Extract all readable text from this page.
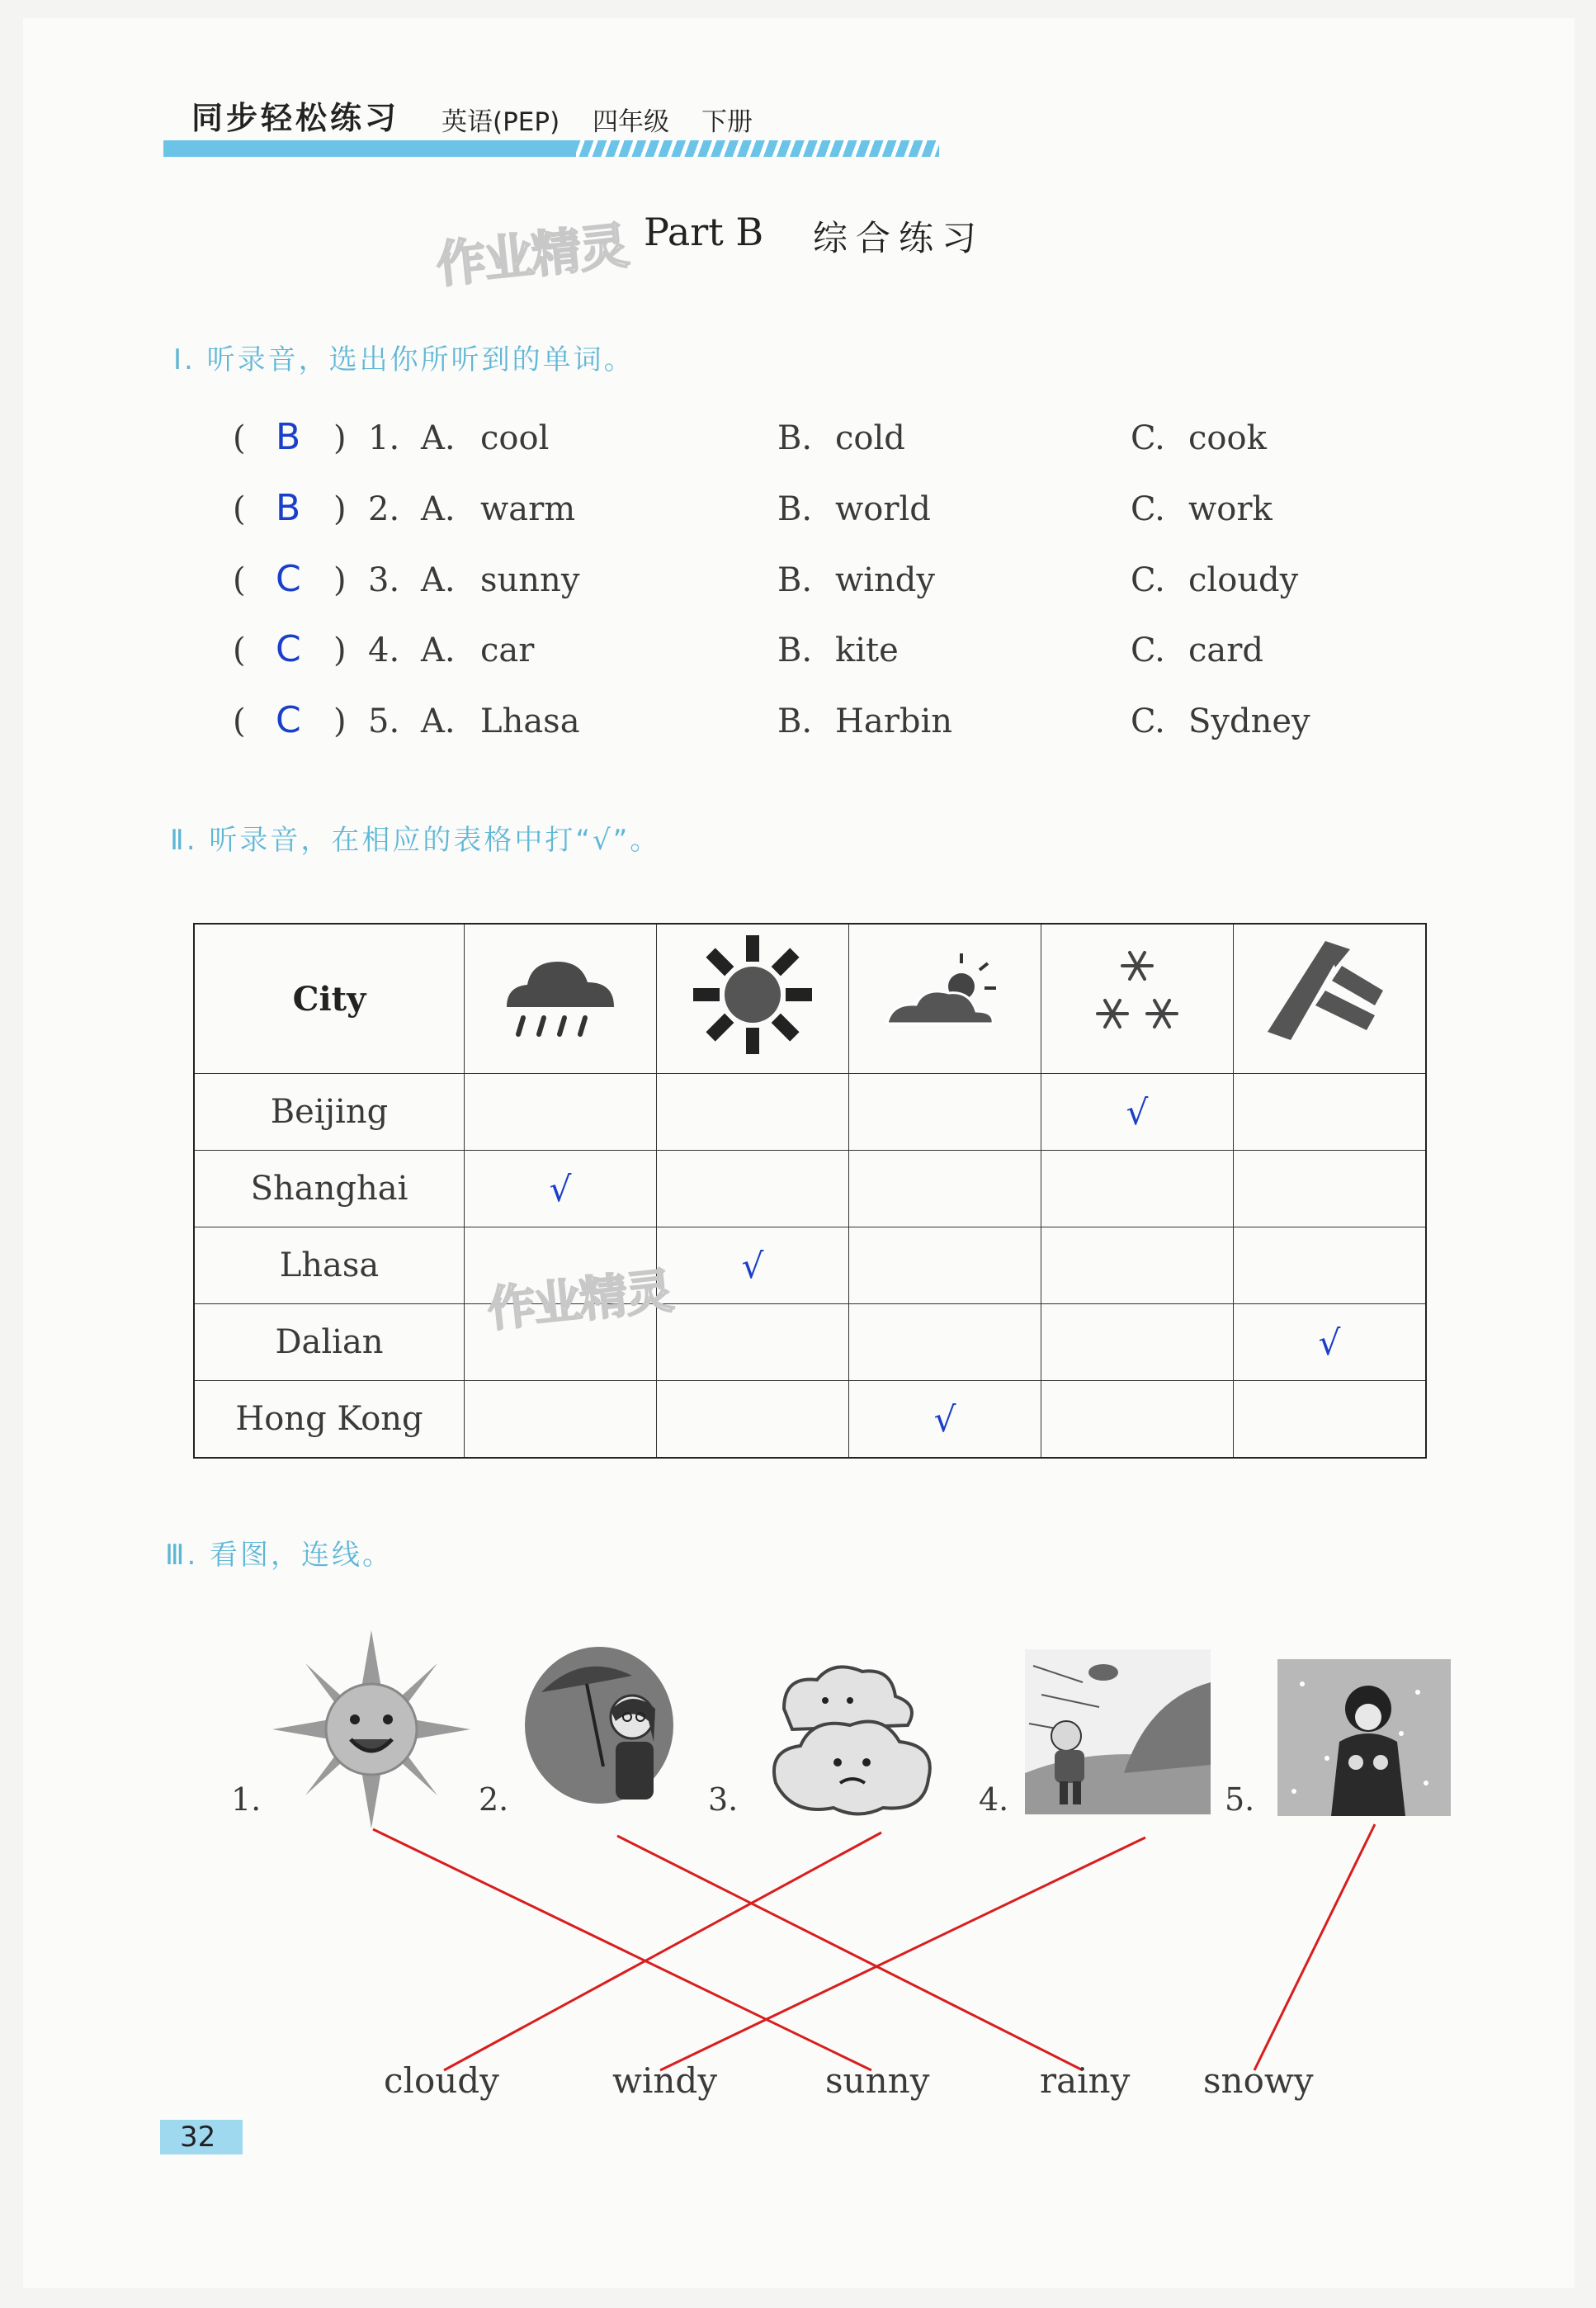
同步轻松练习 英语(PEP) 四年级 下册
作业精灵 Part B 综合练习
Ⅰ. 听录音，选出你所听到的单词。
( B ) 1. A. cool	B. cold	C. cook
( B ) 2. A. warm	B. world	C. work
( C ) 3. A. sunny	B. windy	C. cloudy
( C ) 4. A. car	B. kite	C. card
( C ) 5. A. Lhasa	B. Harbin	C. Sydney
Ⅱ. 听录音，在相应的表格中打“√”。
City					
Beijing				√	
Shanghai	√				
Lhasa		√			
Dalian					√
Hong Kong			√		
作业精灵
Ⅲ. 看图，连线。
1.	2.	3.	4.	5.
cloudy	windy	sunny	rainy snowy
32
